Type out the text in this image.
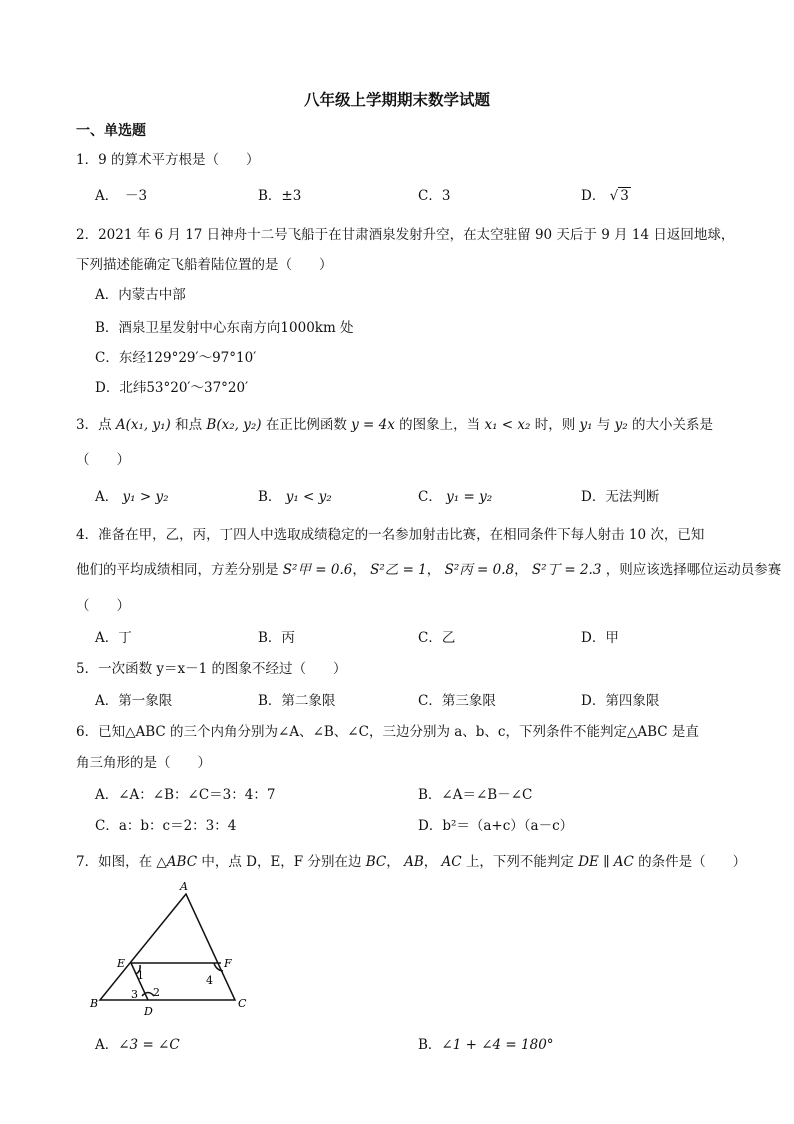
八年级上学期期末数学试题
一、单选题
1．9 的算术平方根是（　　）
A．　－3	B．±3	C．3	D． √ 3
2．2021 年 6 月 17 日神舟十二号飞船于在甘肃酒泉发射升空，在太空驻留 90 天后于 9 月 14 日返回地球，
下列描述能确定飞船着陆位置的是（　　）
A．内蒙古中部
B．酒泉卫星发射中心东南方向1000km 处
C．东经129°29′～97°10′
D．北纬53°20′～37°20′
3．点 A(x₁, y₁) 和点 B(x₂, y₂) 在正比例函数 y = 4x 的图象上，当 x₁ < x₂ 时，则 y₁ 与 y₂ 的大小关系是
（　　）
A． y₁ > y₂	B． y₁ < y₂	C． y₁ = y₂	D．无法判断
4．准备在甲，乙，丙，丁四人中选取成绩稳定的一名参加射击比赛，在相同条件下每人射击 10 次，已知
他们的平均成绩相同，方差分别是 S²甲 = 0.6， S²乙 = 1， S²丙 = 0.8， S²丁 = 2.3 ，则应该选择哪位运动员参赛
（　　）
A．丁	B．丙	C．乙	D．甲
5．一次函数 y＝x－1 的图象不经过（　　）
A．第一象限	B．第二象限	C．第三象限	D．第四象限
6．已知△ABC 的三个内角分别为∠A、∠B、∠C，三边分别为 a、b、c，下列条件不能判定△ABC 是直
角三角形的是（　　）
A．∠A：∠B：∠C＝3：4：7	B．∠A＝∠B－∠C
C．a：b：c＝2：3：4	D．b²＝（a+c）（a－c）
7．如图，在 △ABC 中，点 D，E，F 分别在边 BC， AB， AC 上，下列不能判定 DE ∥ AC 的条件是（　　）
A
B	C
D
E	F
1
2
3
4
A．∠3 = ∠C	B．∠1 + ∠4 = 180°
